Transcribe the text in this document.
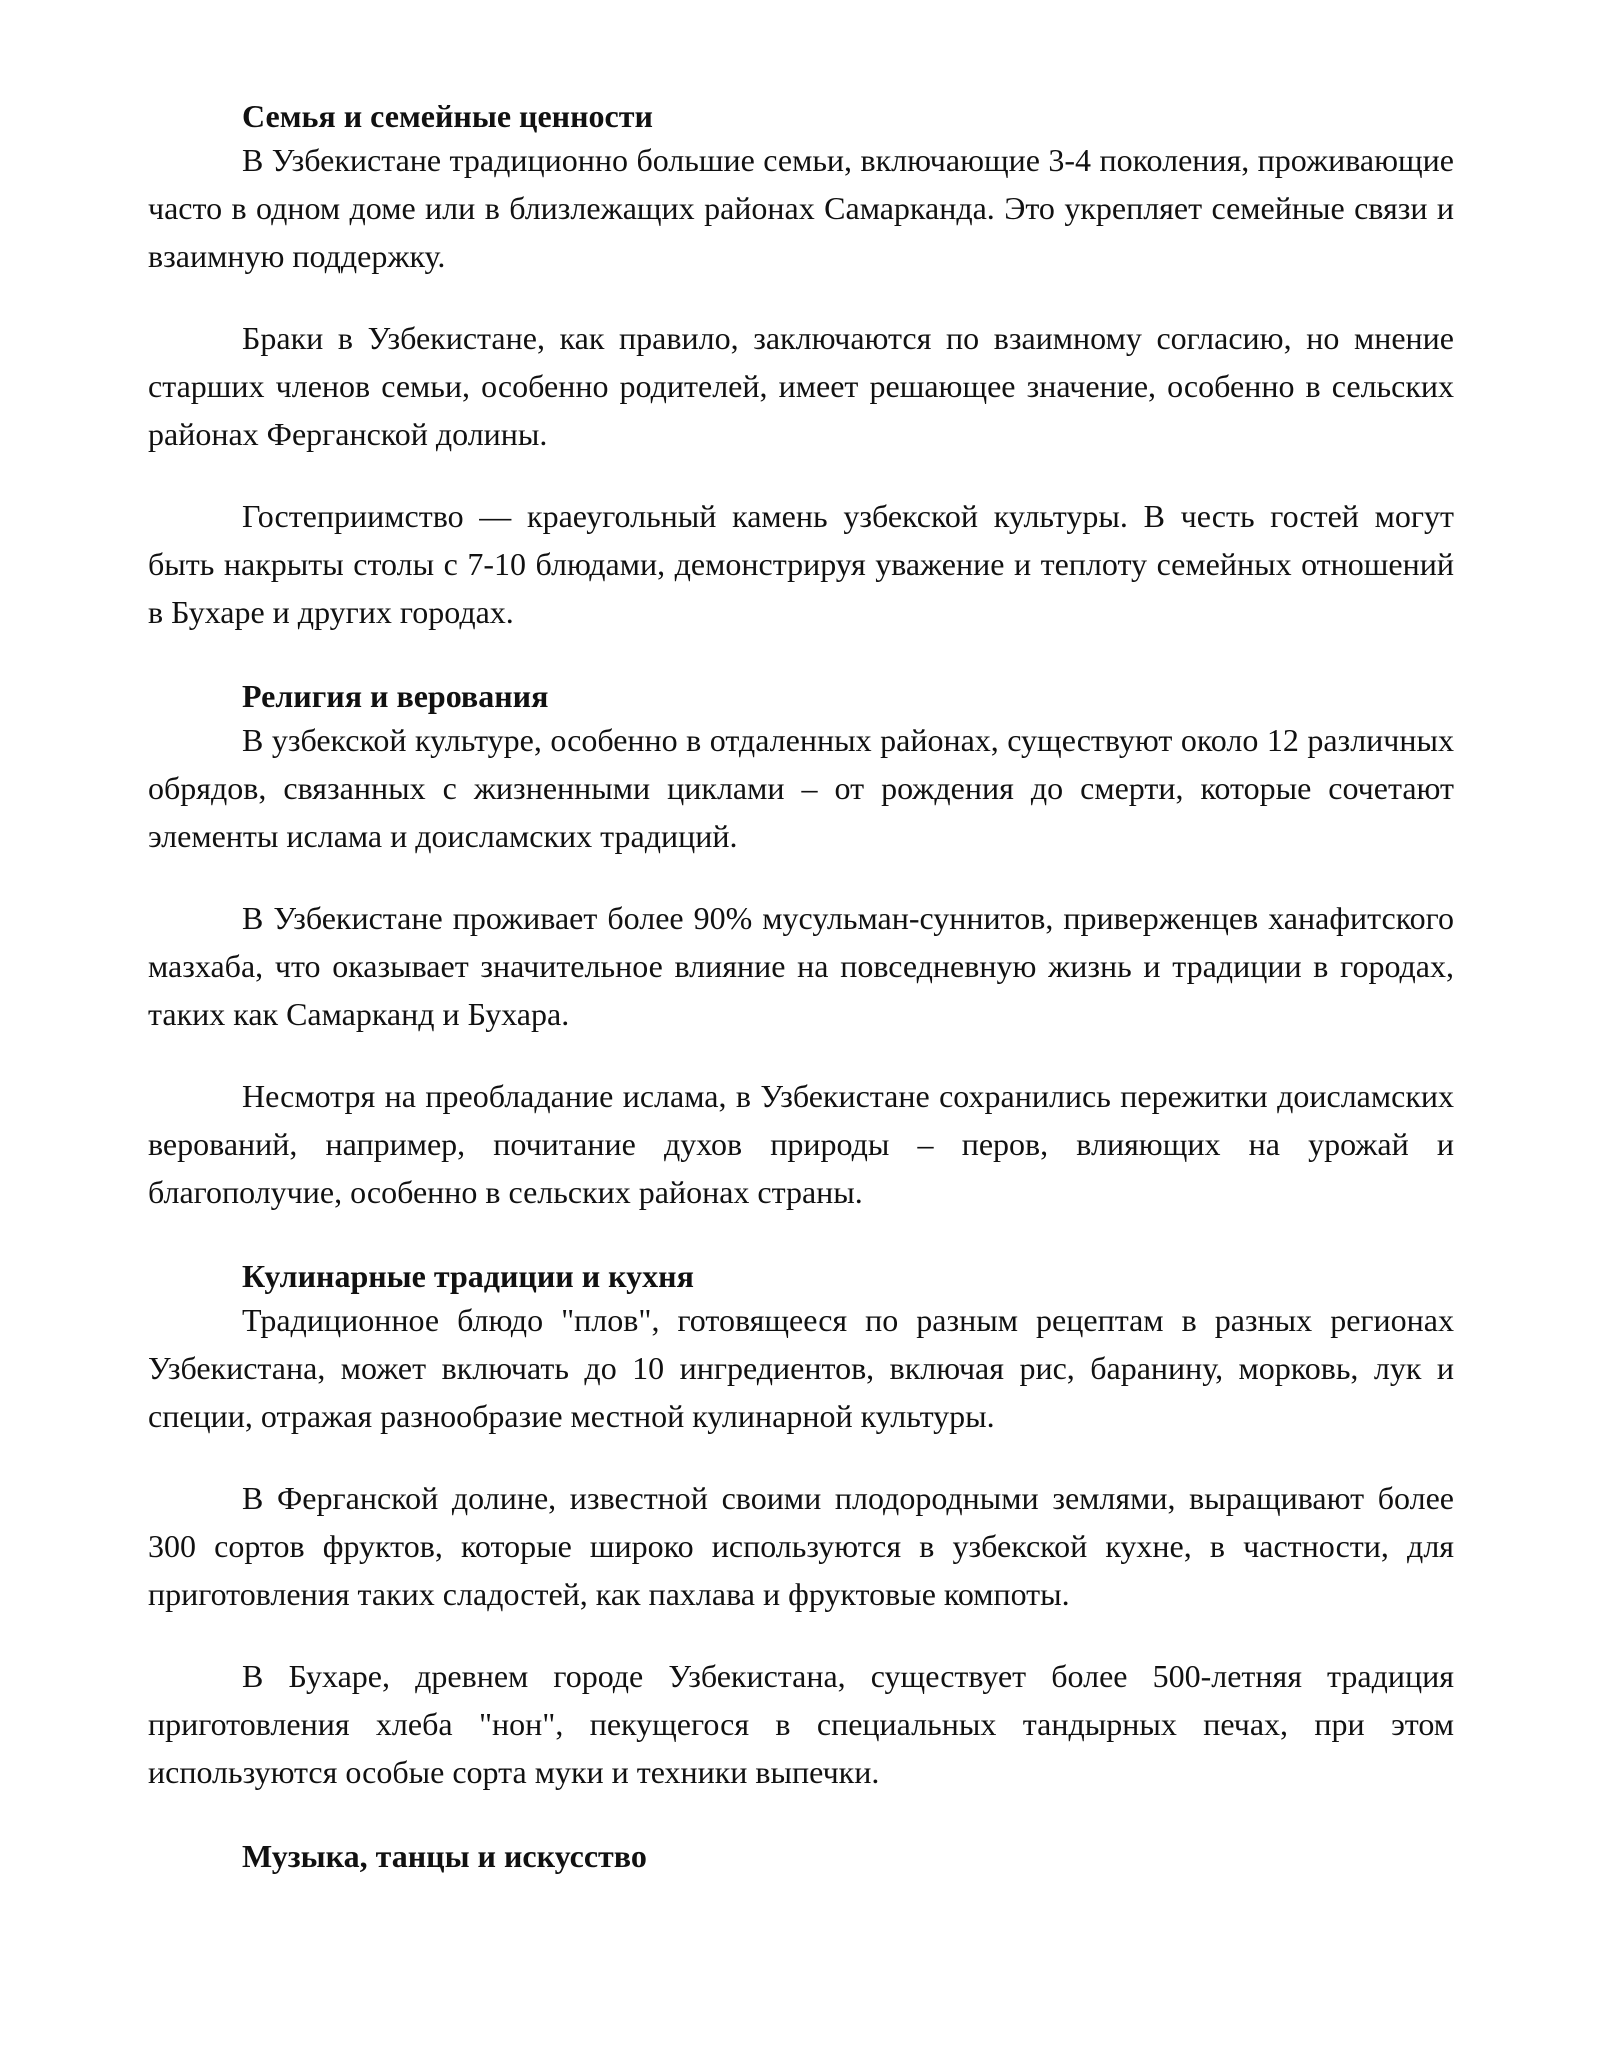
Семья и семейные ценности

В Узбекистане традиционно большие семьи, включающие 3-4 поколения, проживающие часто в одном доме или в близлежащих районах Самарканда. Это укрепляет семейные связи и взаимную поддержку.

Браки в Узбекистане, как правило, заключаются по взаимному согласию, но мнение старших членов семьи, особенно родителей, имеет решающее значение, особенно в сельских районах Ферганской долины.

Гостеприимство — краеугольный камень узбекской культуры. В честь гостей могут быть накрыты столы с 7-10 блюдами, демонстрируя уважение и теплоту семейных отношений в Бухаре и других городах.

Религия и верования

В узбекской культуре, особенно в отдаленных районах, существуют около 12 различных обрядов, связанных с жизненными циклами – от рождения до смерти, которые сочетают элементы ислама и доисламских традиций.

В Узбекистане проживает более 90% мусульман-суннитов, приверженцев ханафитского мазхаба, что оказывает значительное влияние на повседневную жизнь и традиции в городах, таких как Самарканд и Бухара.

Несмотря на преобладание ислама, в Узбекистане сохранились пережитки доисламских верований, например, почитание духов природы – перов, влияющих на урожай и благополучие, особенно в сельских районах страны.

Кулинарные традиции и кухня

Традиционное блюдо "плов", готовящееся по разным рецептам в разных регионах Узбекистана, может включать до 10 ингредиентов, включая рис, баранину, морковь, лук и специи, отражая разнообразие местной кулинарной культуры.

В Ферганской долине, известной своими плодородными землями, выращивают более 300 сортов фруктов, которые широко используются в узбекской кухне, в частности, для приготовления таких сладостей, как пахлава и фруктовые компоты.

В Бухаре, древнем городе Узбекистана, существует более 500-летняя традиция приготовления хлеба "нон", пекущегося в специальных тандырных печах, при этом используются особые сорта муки и техники выпечки.

Музыка, танцы и искусство
